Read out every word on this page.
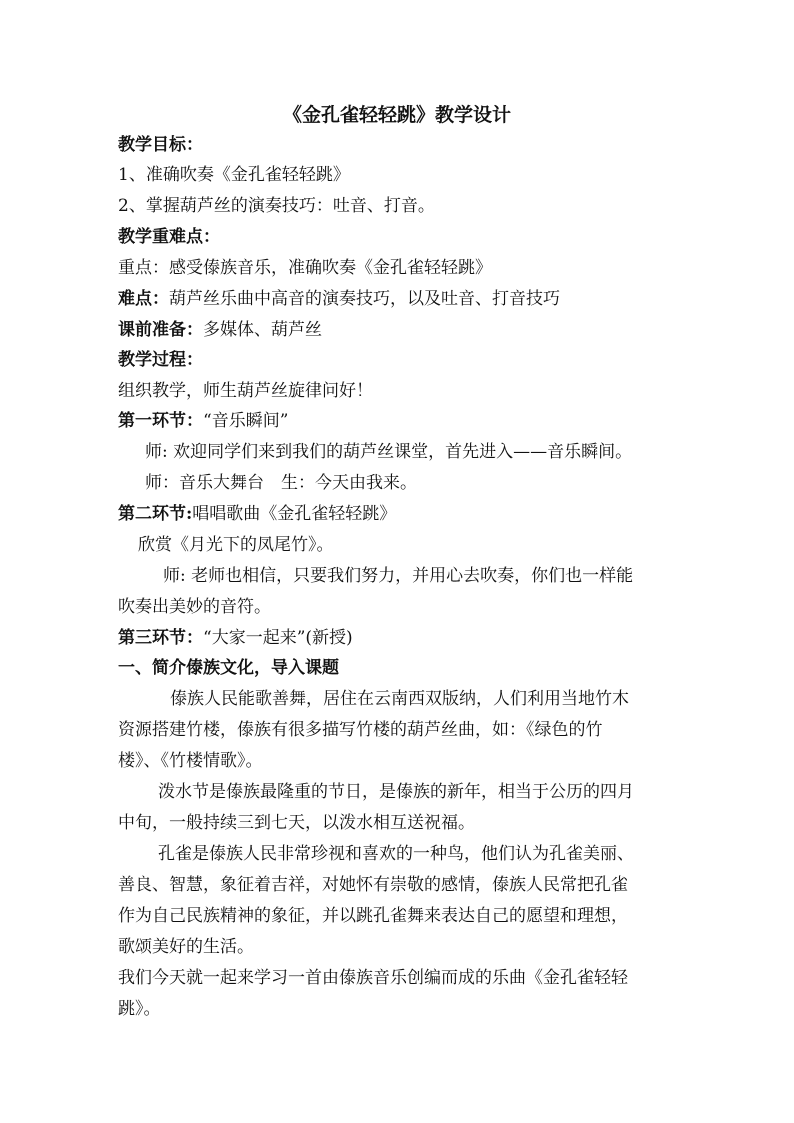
《金孔雀轻轻跳》教学设计
教学目标：
1、准确吹奏《金孔雀轻轻跳》
2、掌握葫芦丝的演奏技巧：吐音、打音。
教学重难点：
重点：感受傣族音乐，准确吹奏《金孔雀轻轻跳》
难点：葫芦丝乐曲中高音的演奏技巧，以及吐音、打音技巧
课前准备：多媒体、葫芦丝
教学过程：
组织教学，师生葫芦丝旋律问好！
第一环节：“音乐瞬间”
师: 欢迎同学们来到我们的葫芦丝课堂，首先进入——音乐瞬间。
师：音乐大舞台　生：今天由我来。
第二环节:唱唱歌曲《金孔雀轻轻跳》
欣赏《月光下的凤尾竹》。
师: 老师也相信，只要我们努力，并用心去吹奏，你们也一样能
吹奏出美妙的音符。
第三环节：“大家一起来”(新授)
一、简介傣族文化，导入课题
傣族人民能歌善舞，居住在云南西双版纳，人们利用当地竹木
资源搭建竹楼，傣族有很多描写竹楼的葫芦丝曲，如：《绿色的竹
楼》、《竹楼情歌》。
泼水节是傣族最隆重的节日，是傣族的新年，相当于公历的四月
中旬，一般持续三到七天，以泼水相互送祝福。
孔雀是傣族人民非常珍视和喜欢的一种鸟，他们认为孔雀美丽、
善良、智慧，象征着吉祥，对她怀有崇敬的感情，傣族人民常把孔雀
作为自己民族精神的象征，并以跳孔雀舞来表达自己的愿望和理想，
歌颂美好的生活。
我们今天就一起来学习一首由傣族音乐创编而成的乐曲《金孔雀轻轻
跳》。
